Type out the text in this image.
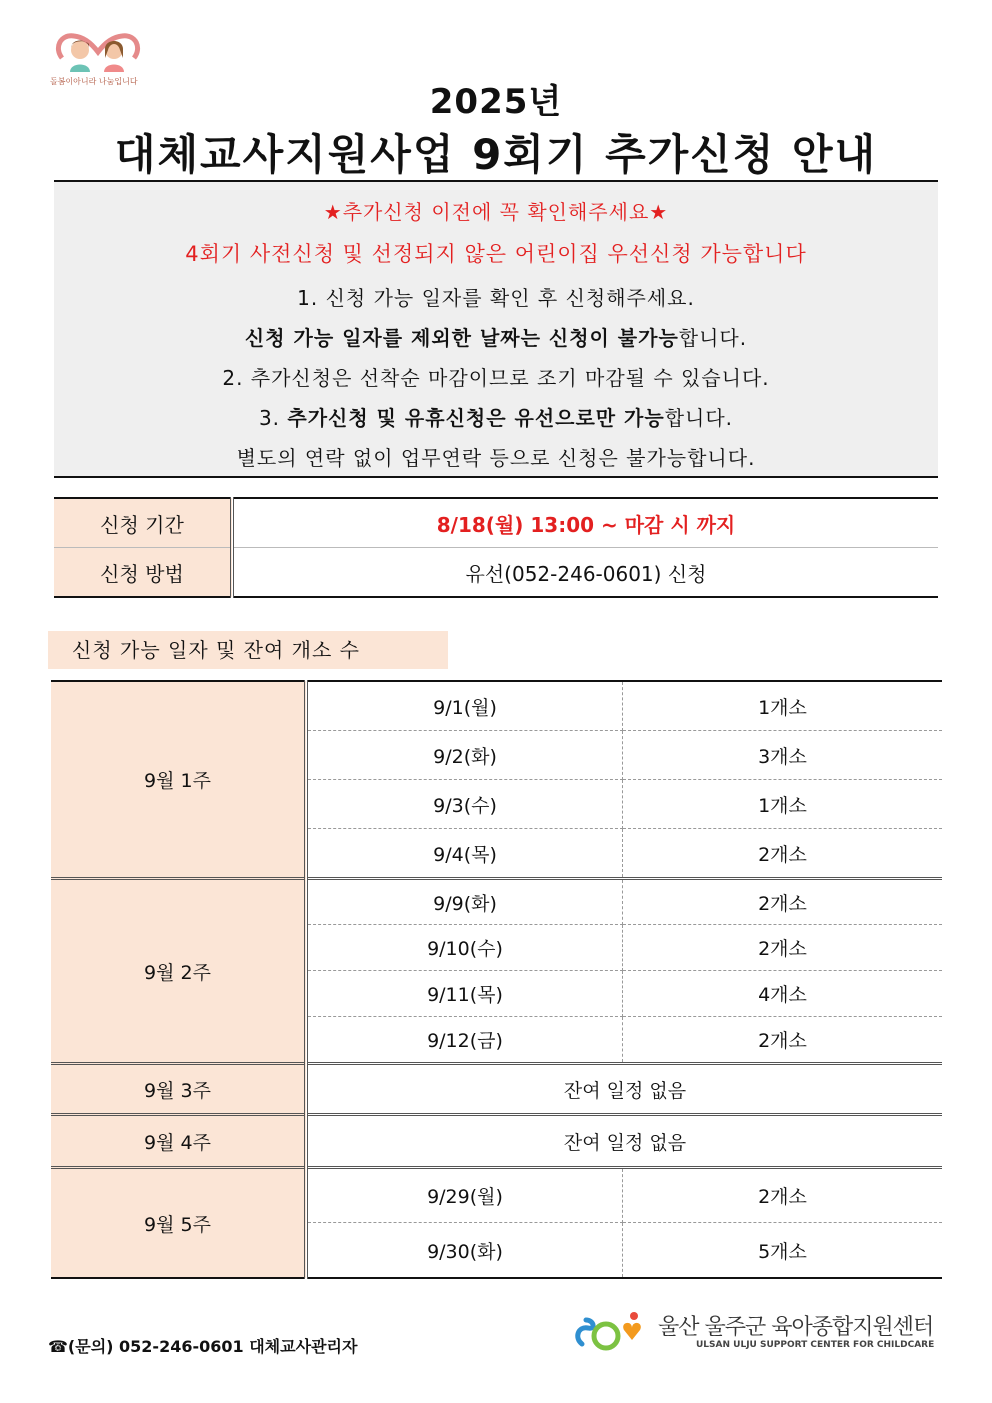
돌봄이아니라 나눔입니다
2025년
대체교사지원사업 9회기 추가신청 안내
★추가신청 이전에 꼭 확인해주세요★
4회기 사전신청 및 선정되지 않은 어린이집 우선신청 가능합니다
1. 신청 가능 일자를 확인 후 신청해주세요.
신청 가능 일자를 제외한 날짜는 신청이 불가능합니다.
2. 추가신청은 선착순 마감이므로 조기 마감될 수 있습니다.
3. 추가신청 및 유휴신청은 유선으로만 가능합니다.
별도의 연락 없이 업무연락 등으로 신청은 불가능합니다.
신청 기간	8/18(월) 13:00 ~ 마감 시 까지
신청 방법	유선(052-246-0601) 신청
신청 가능 일자 및 잔여 개소 수
9월 1주	9/1(월)	1개소
	9/2(화)	3개소
	9/3(수)	1개소
	9/4(목)	2개소
9월 2주	9/9(화)	2개소
	9/10(수)	2개소
	9/11(목)	4개소
	9/12(금)	2개소
9월 3주	잔여 일정 없음	
9월 4주	잔여 일정 없음	
9월 5주	9/29(월)	2개소
	9/30(화)	5개소
☎(문의) 052-246-0601 대체교사관리자
울산 울주군 육아종합지원센터
ULSAN ULJU SUPPORT CENTER FOR CHILDCARE
